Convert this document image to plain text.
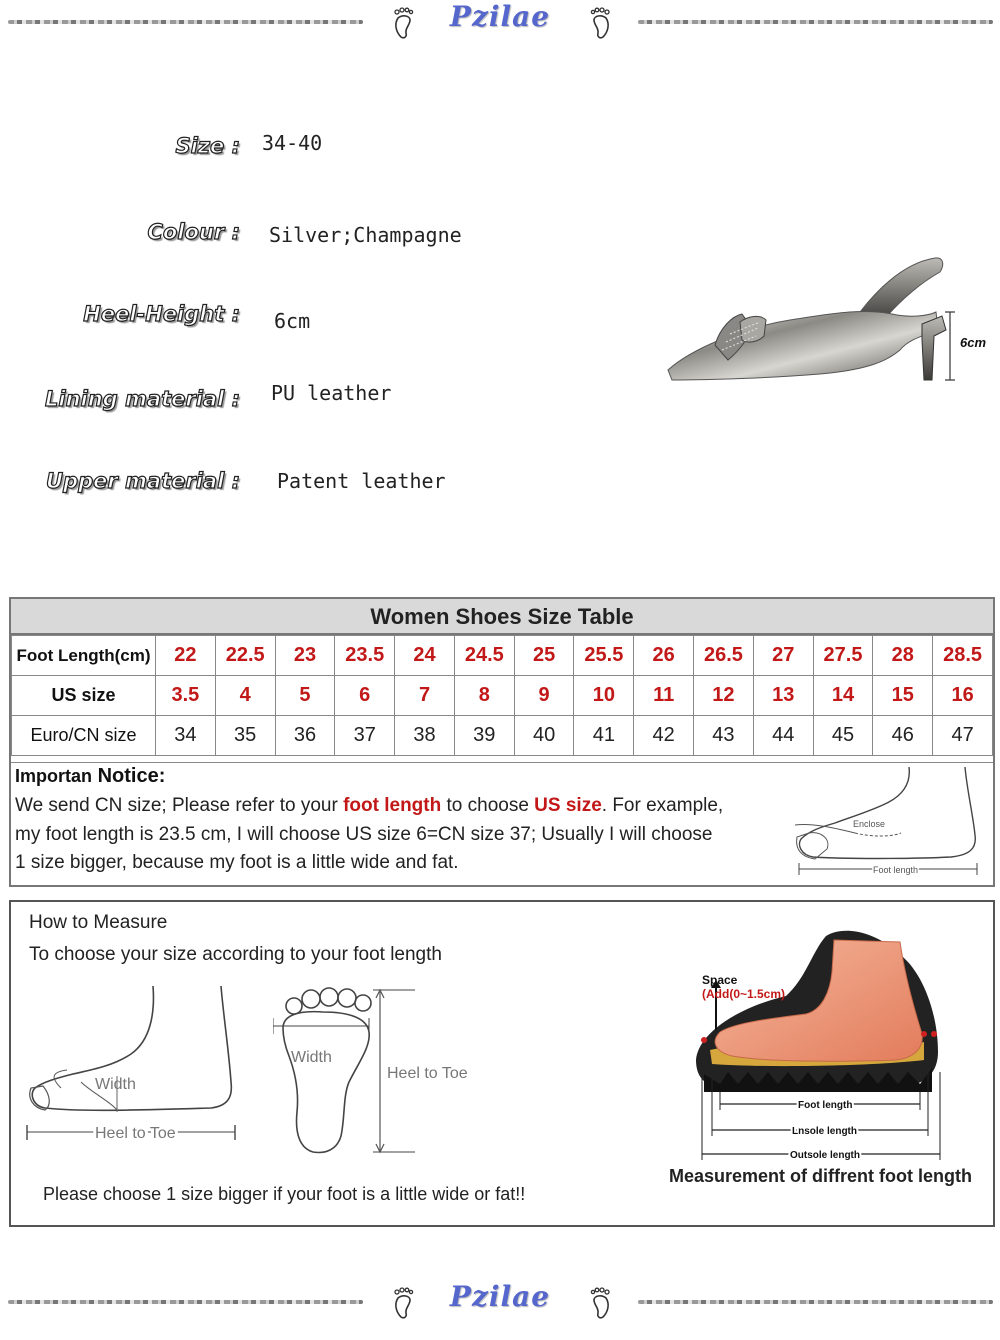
Pzilae
Size : 34-40
Colour : Silver;Champagne
Heel-Height : 6cm
Lining material : PU leather
Upper material : Patent leather
6cm
Women Shoes Size Table
Foot Length(cm)	22	22.5	23	23.5	24	24.5	25	25.5	26	26.5	27	27.5	28	28.5
US size	3.5	4	5	6	7	8	9	10	11	12	13	14	15	16
Euro/CN size	34	35	36	37	38	39	40	41	42	43	44	45	46	47
Importan Notice:
We send CN size; Please refer to your foot length to choose US size. For example,
my foot length is 23.5 cm, I will choose US size 6=CN size 37; Usually I will choose
1 size bigger, because my foot is a little wide and fat.
Enclose
Foot length
How to Measure
To choose your size according to your foot length
Width
Heel to Toe
Width
Heel to Toe
Please choose 1 size bigger if your foot is a little wide or fat!!
Space
(Add(0~1.5cm)
Foot length
Lnsole length
Outsole length
Measurement of diffrent foot length
Pzilae
